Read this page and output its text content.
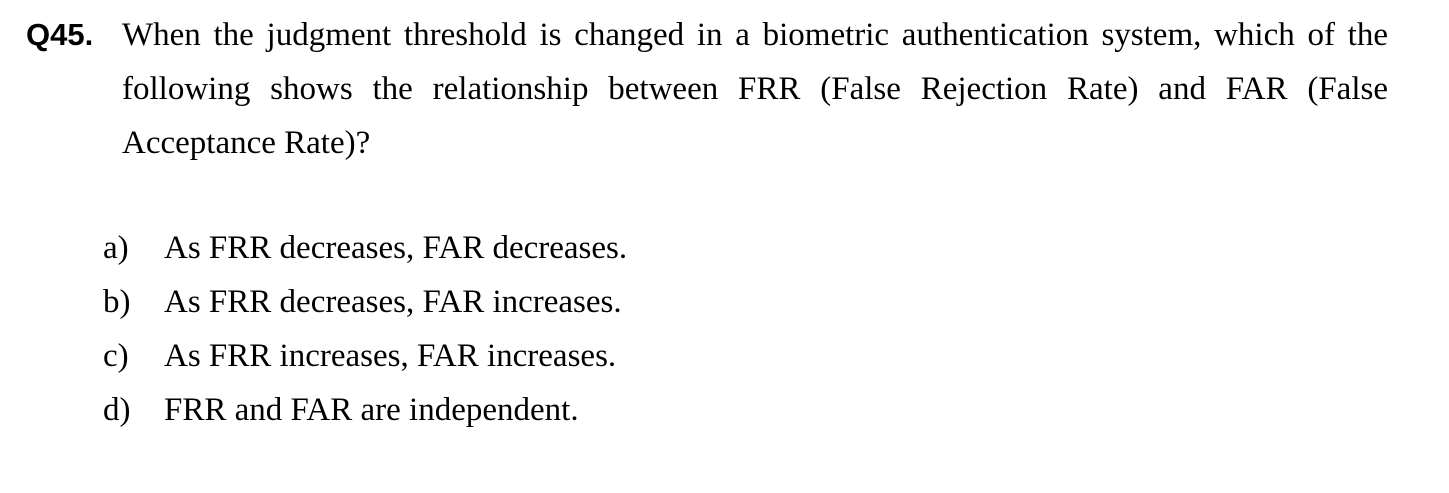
Q45. When the judgment threshold is changed in a biometric authentication system, which of the following shows the relationship between FRR (False Rejection Rate) and FAR (False Acceptance Rate)?
a)	As FRR decreases, FAR decreases.
b)	As FRR decreases, FAR increases.
c)	As FRR increases, FAR increases.
d)	FRR and FAR are independent.
